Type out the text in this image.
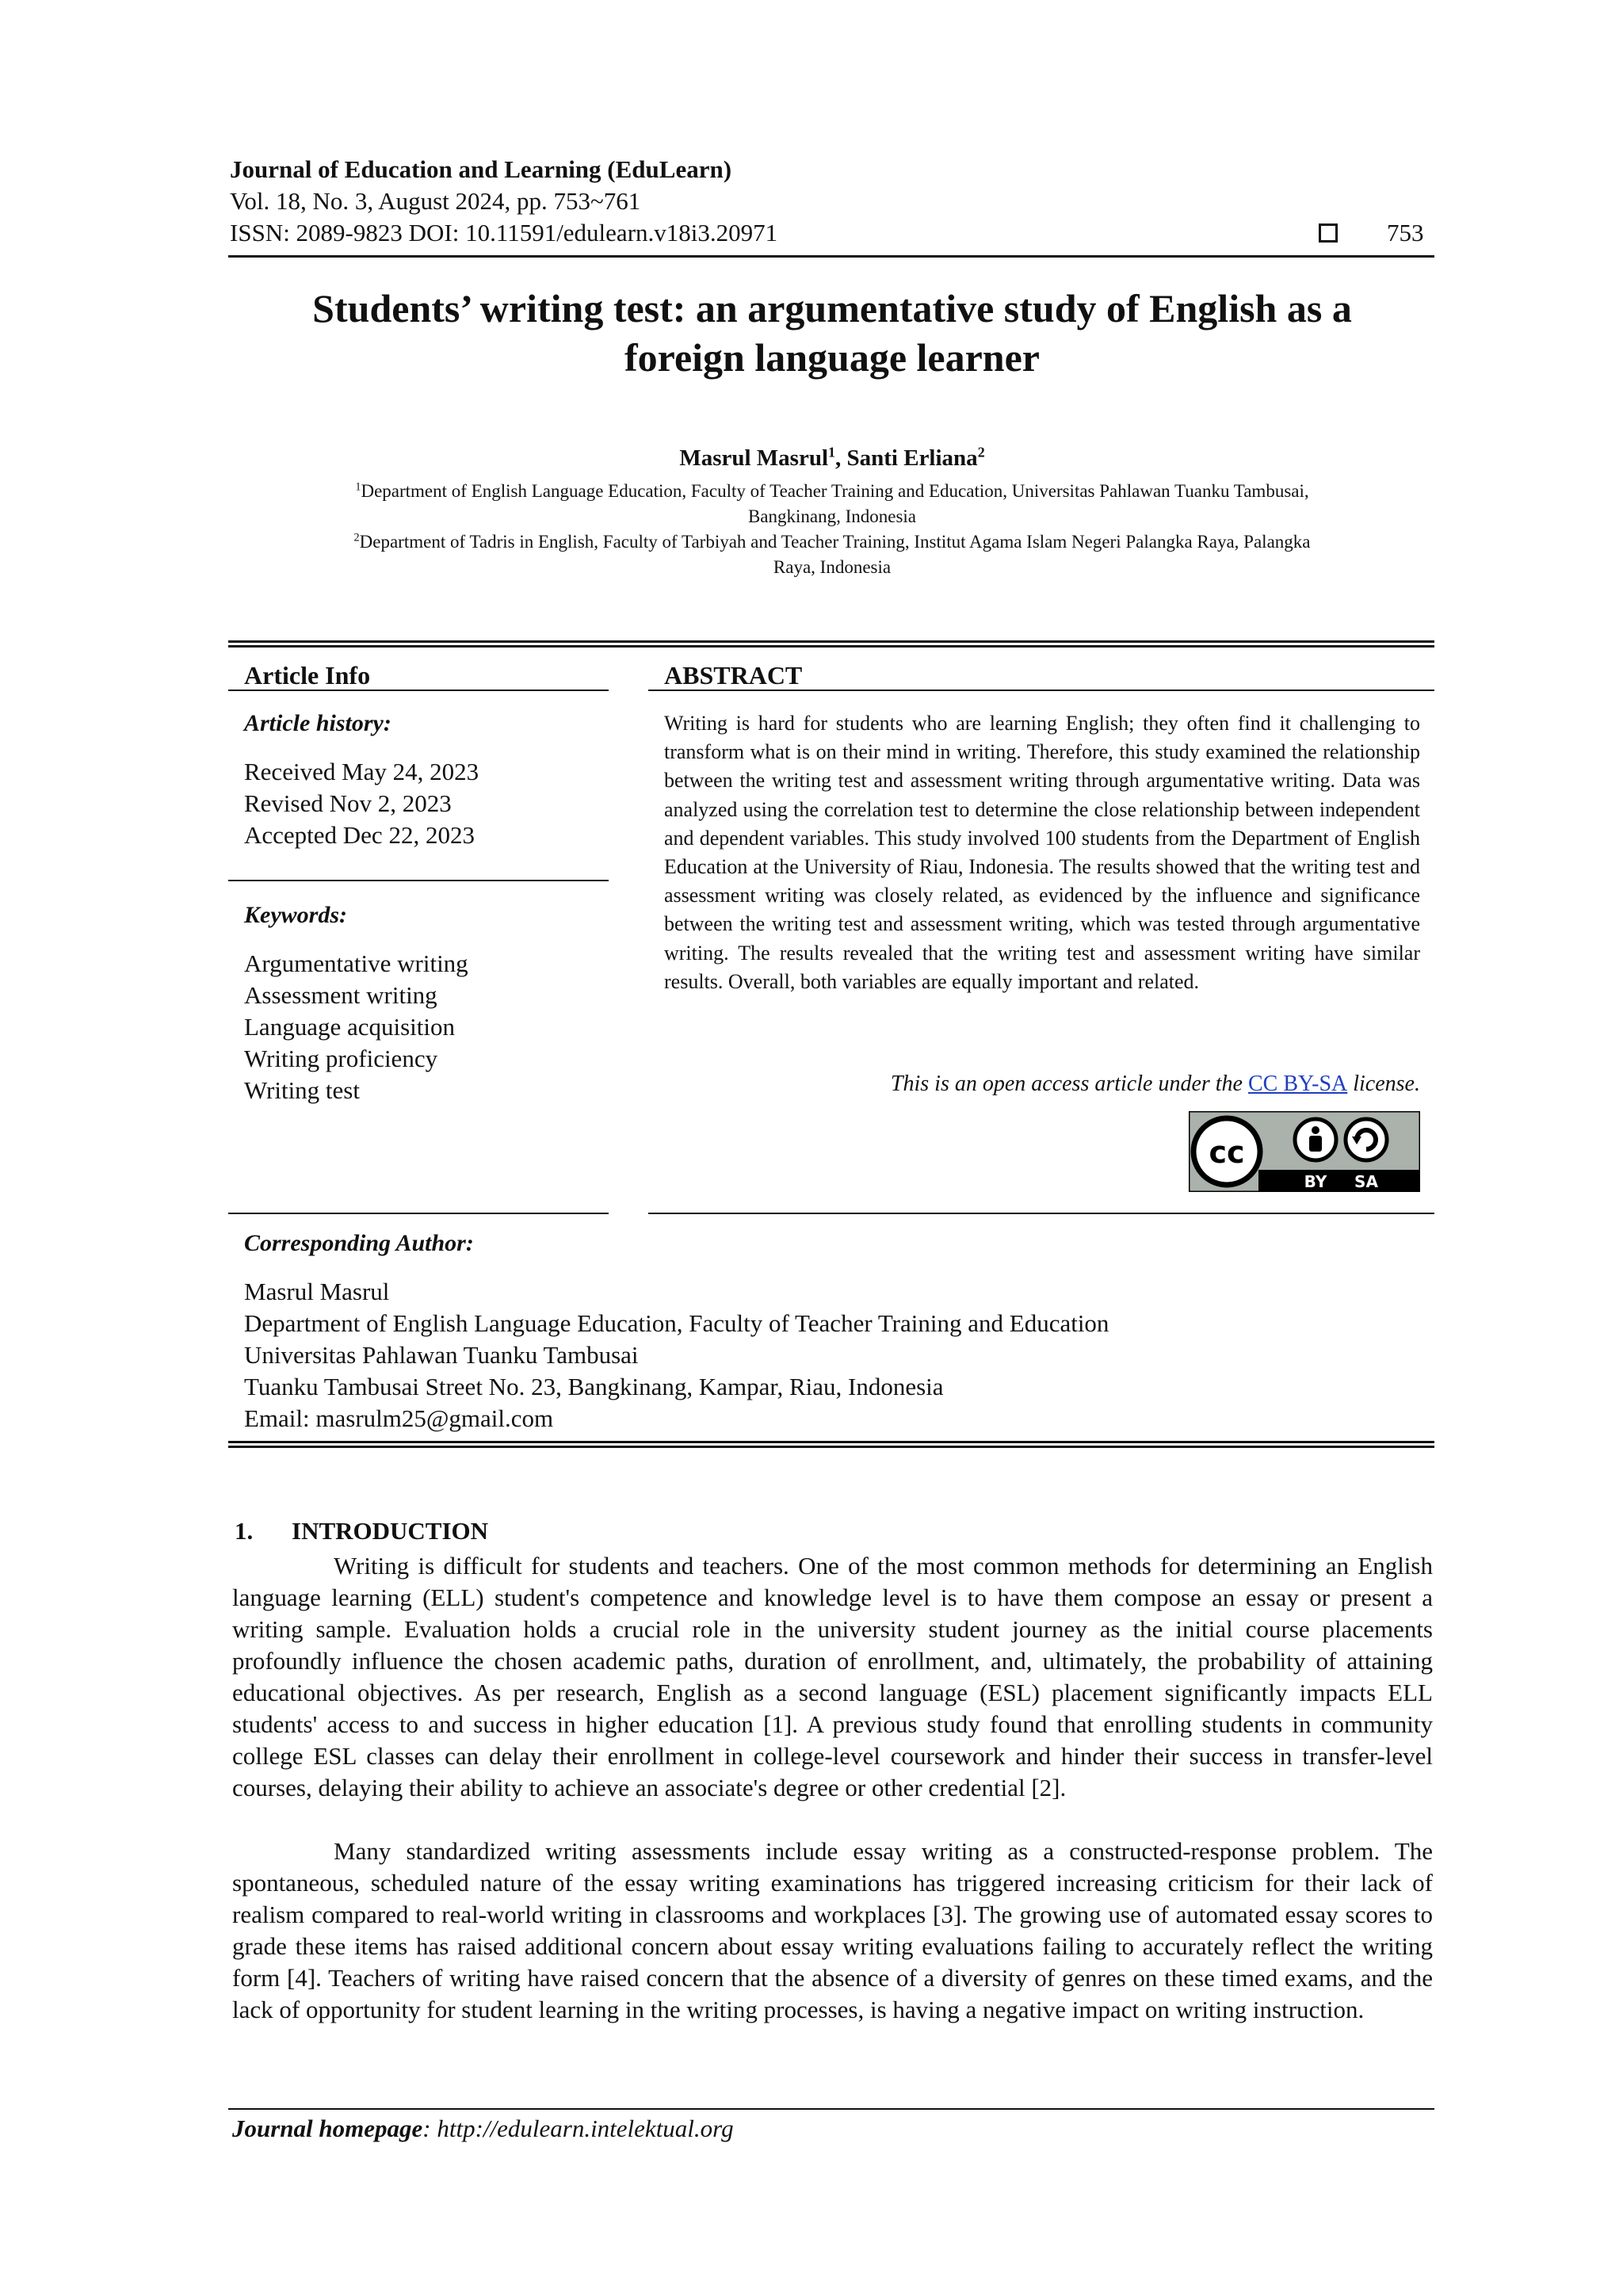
Journal of Education and Learning (EduLearn)
Vol. 18, No. 3, August 2024, pp. 753~761
ISSN: 2089-9823 DOI: 10.11591/edulearn.v18i3.20971	753
Students’ writing test: an argumentative study of English as a
foreign language learner
Masrul Masrul$^1$, Santi Erliana$^2$
$^1$Department of English Language Education, Faculty of Teacher Training and Education, Universitas Pahlawan Tuanku Tambusai,
Bangkinang, Indonesia
$^2$Department of Tadris in English, Faculty of Tarbiyah and Teacher Training, Institut Agama Islam Negeri Palangka Raya, Palangka
Raya, Indonesia
Article Info	ABSTRACT
Article history:
Received May 24, 2023
Revised Nov 2, 2023
Accepted Dec 22, 2023
Keywords:
Argumentative writing
Assessment writing
Language acquisition
Writing proficiency
Writing test
Writing is hard for students who are learning English; they often find it challenging to transform what is on their mind in writing. Therefore, this study examined the relationship between the writing test and assessment writing through argumentative writing. Data was analyzed using the correlation test to determine the close relationship between independent and dependent variables. This study involved 100 students from the Department of English Education at the University of Riau, Indonesia. The results showed that the writing test and assessment writing was closely related, as evidenced by the influence and significance between the writing test and assessment writing, which was tested through argumentative writing. The results revealed that the writing test and assessment writing have similar results. Overall, both variables are equally important and related.
This is an open access article under the CC BY-SA license.
cc
BY SA
Corresponding Author:
Masrul Masrul
Department of English Language Education, Faculty of Teacher Training and Education
Universitas Pahlawan Tuanku Tambusai
Tuanku Tambusai Street No. 23, Bangkinang, Kampar, Riau, Indonesia
Email: masrulm25@gmail.com
1. INTRODUCTION
Writing is difficult for students and teachers. One of the most common methods for determining an English language learning (ELL) student's competence and knowledge level is to have them compose an essay or present a writing sample. Evaluation holds a crucial role in the university student journey as the initial course placements profoundly influence the chosen academic paths, duration of enrollment, and, ultimately, the probability of attaining educational objectives. As per research, English as a second language (ESL) placement significantly impacts ELL students' access to and success in higher education [1]. A previous study found that enrolling students in community college ESL classes can delay their enrollment in college-level coursework and hinder their success in transfer-level courses, delaying their ability to achieve an associate's degree or other credential [2].
Many standardized writing assessments include essay writing as a constructed-response problem. The spontaneous, scheduled nature of the essay writing examinations has triggered increasing criticism for their lack of realism compared to real-world writing in classrooms and workplaces [3]. The growing use of automated essay scores to grade these items has raised additional concern about essay writing evaluations failing to accurately reflect the writing form [4]. Teachers of writing have raised concern that the absence of a diversity of genres on these timed exams, and the lack of opportunity for student learning in the writing processes, is having a negative impact on writing instruction.
Journal homepage: http://edulearn.intelektual.org
